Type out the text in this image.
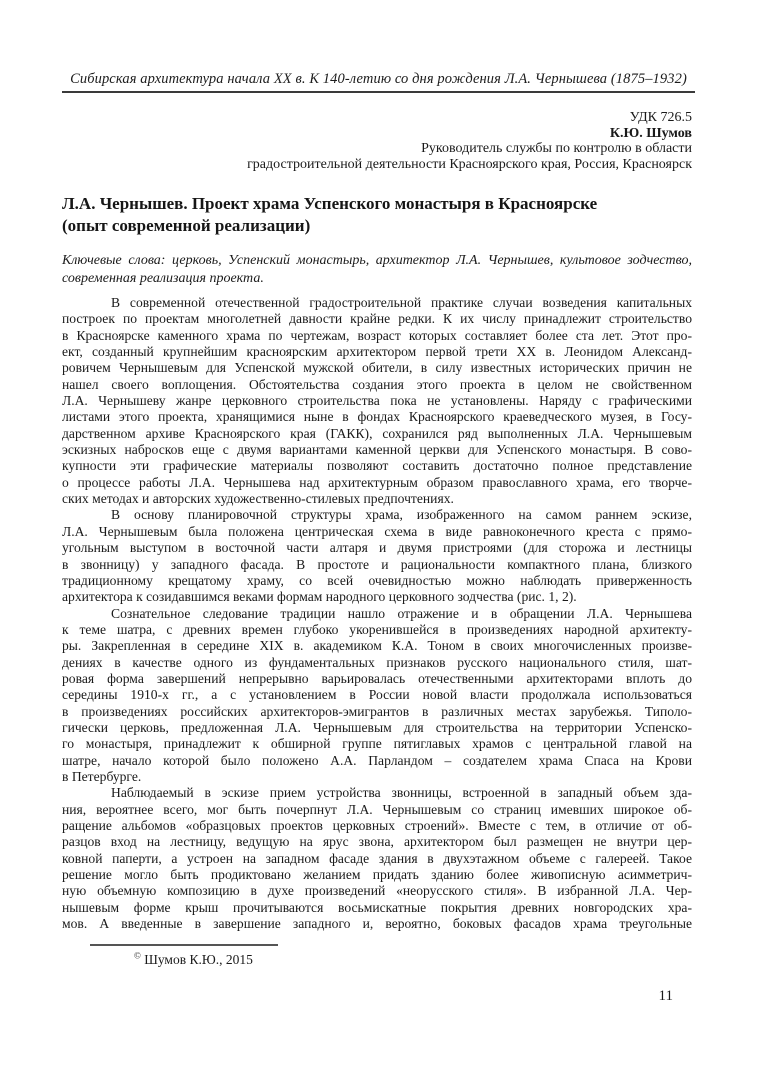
Сибирская архитектура начала XX в. К 140-летию со дня рождения Л.А. Чернышева (1875–1932)
УДК 726.5
К.Ю. Шумов
Руководитель службы по контролю в области
градостроительной деятельности Красноярского края, Россия, Красноярск
Л.А. Чернышев. Проект храма Успенского монастыря в Красноярске
(опыт современной реализации)
Ключевые слова: церковь, Успенский монастырь, архитектор Л.А. Чернышев, культовое зодчество,
современная реализация проекта.
В современной отечественной градостроительной практике случаи возведения капитальных
построек по проектам многолетней давности крайне редки. К их числу принадлежит строительство
в Красноярске каменного храма по чертежам, возраст которых составляет более ста лет. Этот про-
ект, созданный крупнейшим красноярским архитектором первой трети XX в. Леонидом Александ-
ровичем Чернышевым для Успенской мужской обители, в силу известных исторических причин не
нашел своего воплощения. Обстоятельства создания этого проекта в целом не свойственном
Л.А. Чернышеву жанре церковного строительства пока не установлены. Наряду с графическими
листами этого проекта, хранящимися ныне в фондах Красноярского краеведческого музея, в Госу-
дарственном архиве Красноярского края (ГАКК), сохранился ряд выполненных Л.А. Чернышевым
эскизных набросков еще с двумя вариантами каменной церкви для Успенского монастыря. В сово-
купности эти графические материалы позволяют составить достаточно полное представление
о процессе работы Л.А. Чернышева над архитектурным образом православного храма, его творче-
ских методах и авторских художественно-стилевых предпочтениях.
В основу планировочной структуры храма, изображенного на самом раннем эскизе,
Л.А. Чернышевым была положена центрическая схема в виде равноконечного креста с прямо-
угольным выступом в восточной части алтаря и двумя пристроями (для сторожа и лестницы
в звонницу) у западного фасада. В простоте и рациональности компактного плана, близкого
традиционному крещатому храму, со всей очевидностью можно наблюдать приверженность
архитектора к созидавшимся веками формам народного церковного зодчества (рис. 1, 2).
Сознательное следование традиции нашло отражение и в обращении Л.А. Чернышева
к теме шатра, с древних времен глубоко укоренившейся в произведениях народной архитекту-
ры. Закрепленная в середине XIX в. академиком К.А. Тоном в своих многочисленных произве-
дениях в качестве одного из фундаментальных признаков русского национального стиля, шат-
ровая форма завершений непрерывно варьировалась отечественными архитекторами вплоть до
середины 1910-х гг., а с установлением в России новой власти продолжала использоваться
в произведениях российских архитекторов-эмигрантов в различных местах зарубежья. Типоло-
гически церковь, предложенная Л.А. Чернышевым для строительства на территории Успенско-
го монастыря, принадлежит к обширной группе пятиглавых храмов с центральной главой на
шатре, начало которой было положено А.А. Парландом – создателем храма Спаса на Крови
в Петербурге.
Наблюдаемый в эскизе прием устройства звонницы, встроенной в западный объем зда-
ния, вероятнее всего, мог быть почерпнут Л.А. Чернышевым со страниц имевших широкое об-
ращение альбомов «образцовых проектов церковных строений». Вместе с тем, в отличие от об-
разцов вход на лестницу, ведущую на ярус звона, архитектором был размещен не внутри цер-
ковной паперти, а устроен на западном фасаде здания в двухэтажном объеме с галереей. Такое
решение могло быть продиктовано желанием придать зданию более живописную асимметрич-
ную объемную композицию в духе произведений «неорусского стиля». В избранной Л.А. Чер-
нышевым форме крыш прочитываются восьмискатные покрытия древних новгородских хра-
мов. А введенные в завершение западного и, вероятно, боковых фасадов храма треугольные
© Шумов К.Ю., 2015
11
